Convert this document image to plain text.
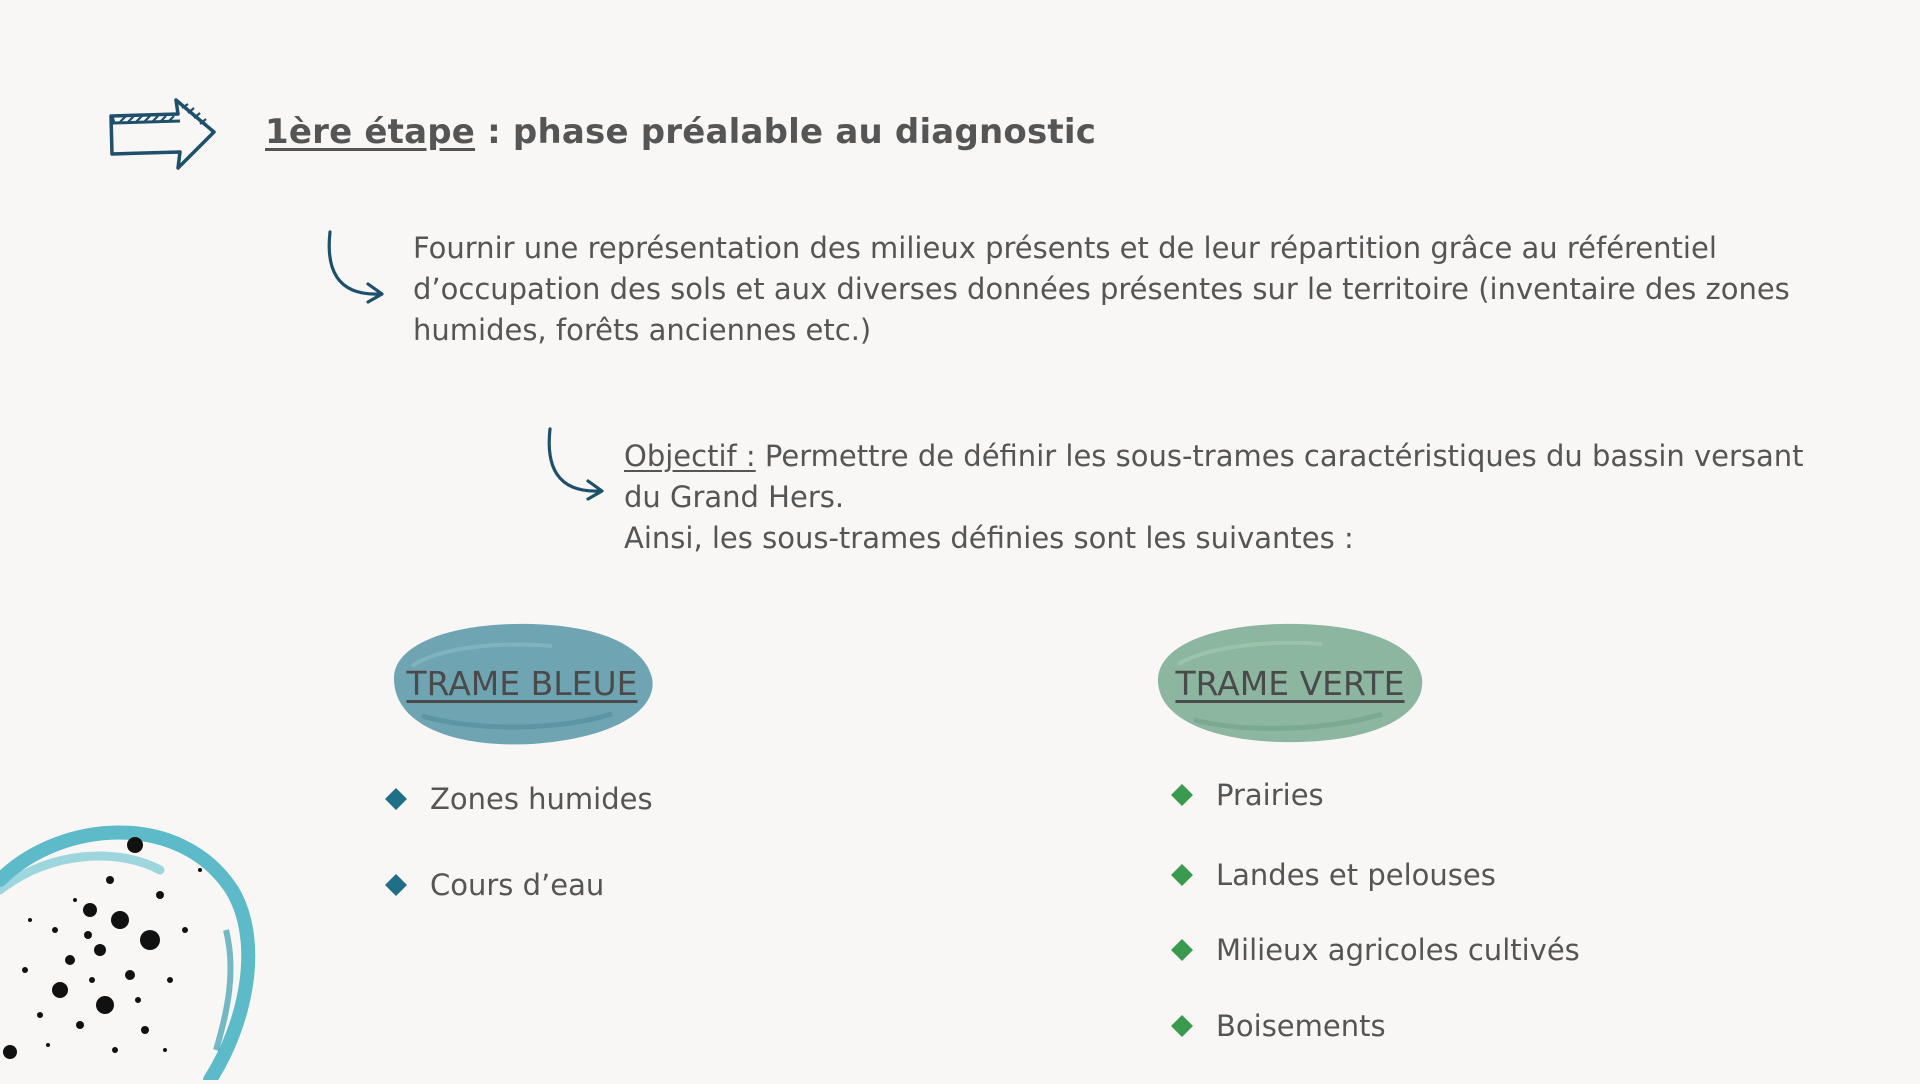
1ère étape : phase préalable au diagnostic
Fournir une représentation des milieux présents et de leur répartition grâce au référentiel
d’occupation des sols et aux diverses données présentes sur le territoire (inventaire des zones
humides, forêts anciennes etc.)
Objectif : Permettre de définir les sous-trames caractéristiques du bassin versant
du Grand Hers.
Ainsi, les sous-trames définies sont les suivantes :
TRAME BLEUE	TRAME VERTE
Zones humides
Cours d’eau
Prairies
Landes et pelouses
Milieux agricoles cultivés
Boisements
